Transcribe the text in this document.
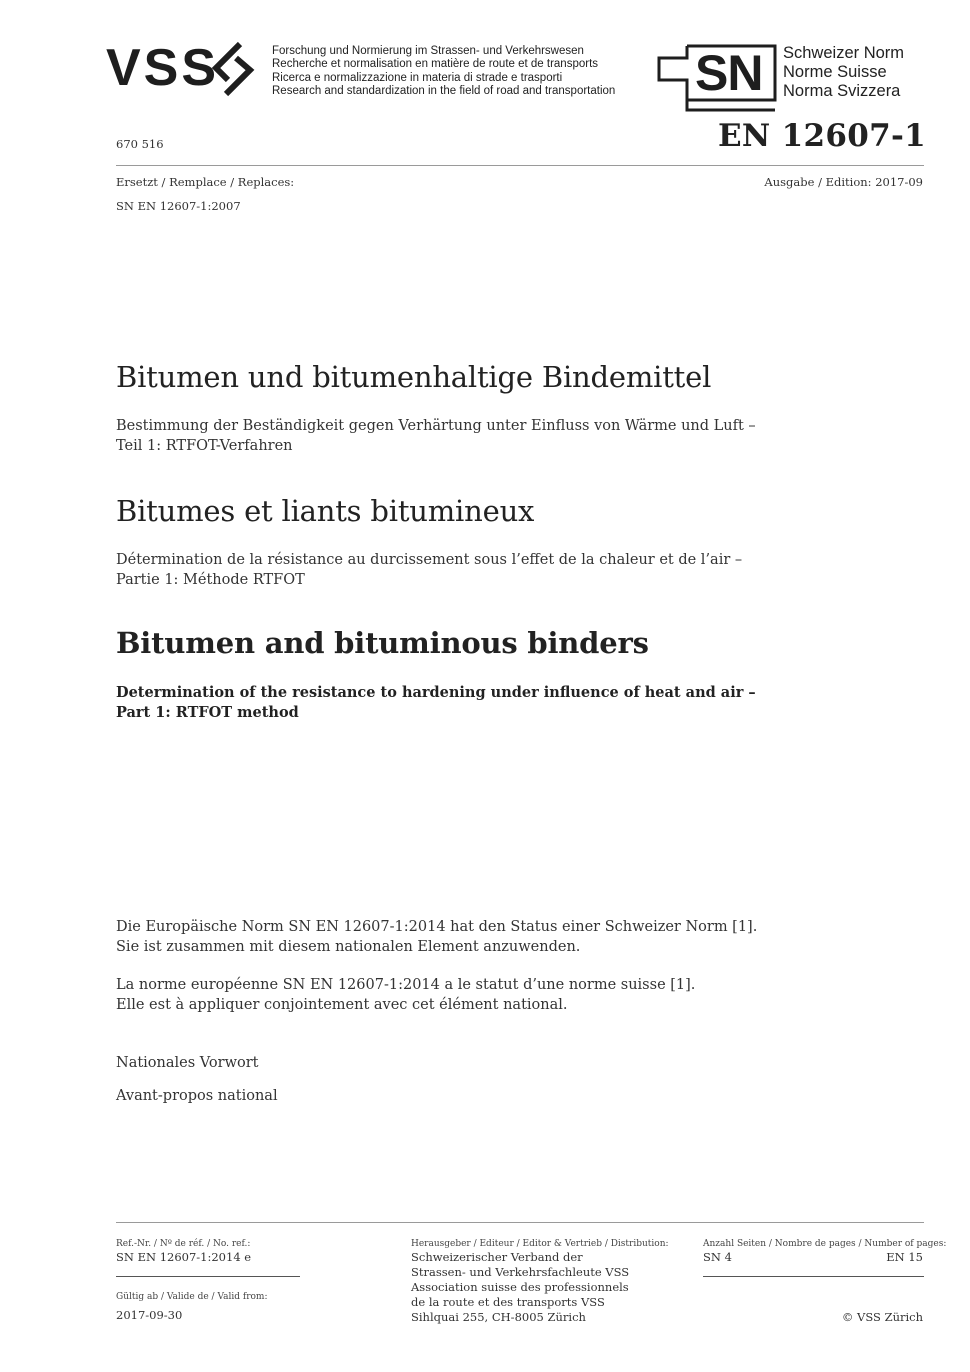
VSS	Forschung und Normierung im Strassen- und Verkehrswesen
Recherche et normalisation en matière de route et de transports
Ricerca e normalizzazione in materia di strade e trasporti
Research and standardization in the field of road and transportation SN Schweizer Norm
Norme Suisse
Norma Svizzera
670 516	EN 12607-1
Ersetzt / Remplace / Replaces:	Ausgabe / Edition: 2017-09
SN EN 12607-1:2007
Bitumen und bitumenhaltige Bindemittel
Bestimmung der Beständigkeit gegen Verhärtung unter Einfluss von Wärme und Luft –
Teil 1: RTFOT-Verfahren
Bitumes et liants bitumineux
Détermination de la résistance au durcissement sous l’effet de la chaleur et de l’air –
Partie 1: Méthode RTFOT
Bitumen and bituminous binders
Determination of the resistance to hardening under influence of heat and air –
Part 1: RTFOT method
Die Europäische Norm SN EN 12607-1:2014 hat den Status einer Schweizer Norm [1].
Sie ist zusammen mit diesem nationalen Element anzuwenden.
La norme européenne SN EN 12607-1:2014 a le statut d’une norme suisse [1].
Elle est à appliquer conjointement avec cet élément national.
Nationales Vorwort
Avant-propos national
Ref.-Nr. / Nº de réf. / No. ref.:
SN EN 12607-1:2014 e
Gültig ab / Valide de / Valid from:
2017-09-30
Herausgeber / Editeur / Editor & Vertrieb / Distribution:
Schweizerischer Verband der
Strassen- und Verkehrsfachleute VSS
Association suisse des professionnels
de la route et des transports VSS
Sihlquai 255, CH-8005 Zürich
Anzahl Seiten / Nombre de pages / Number of pages:
SN 4	EN 15
© VSS Zürich
